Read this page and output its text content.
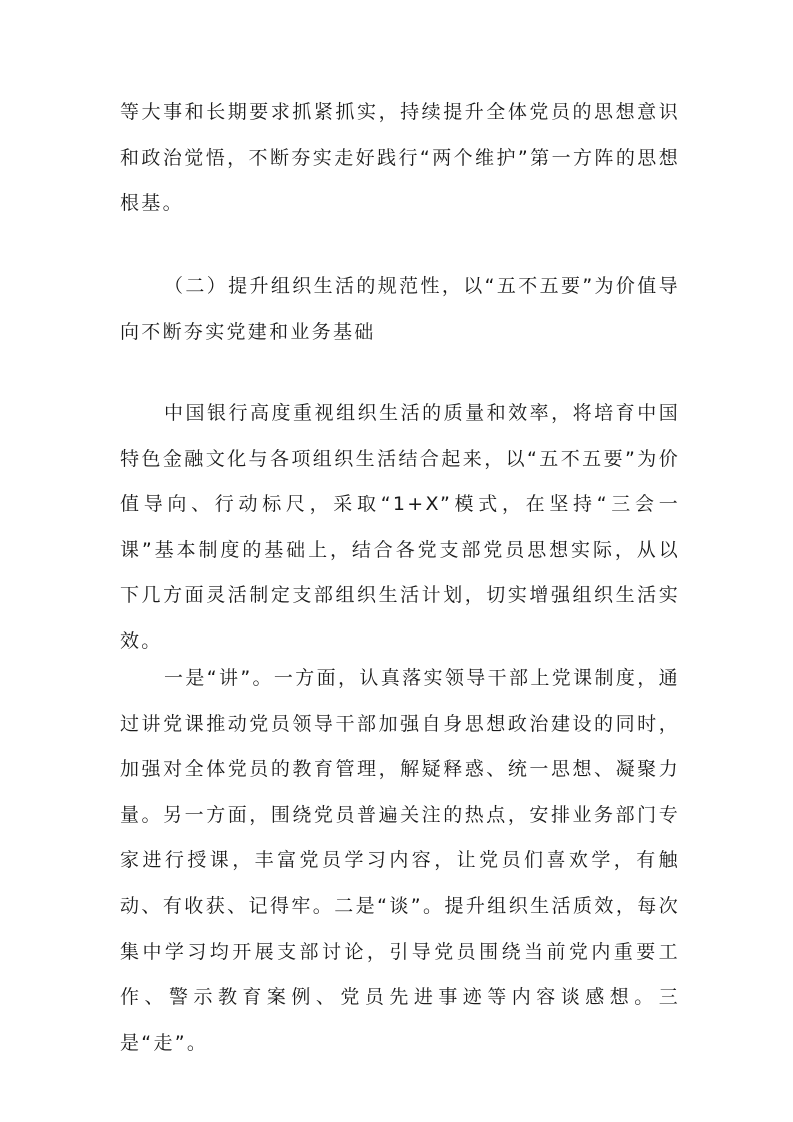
等大事和长期要求抓紧抓实，持续提升全体党员的思想意识和政治觉悟，不断夯实走好践行“两个维护”第一方阵的思想根基。

（二）提升组织生活的规范性，以“五不五要”为价值导向不断夯实党建和业务基础

中国银行高度重视组织生活的质量和效率，将培育中国特色金融文化与各项组织生活结合起来，以“五不五要”为价值导向、行动标尺，采取“1+X”模式，在坚持“三会一课”基本制度的基础上，结合各党支部党员思想实际，从以下几方面灵活制定支部组织生活计划，切实增强组织生活实效。

一是“讲”。一方面，认真落实领导干部上党课制度，通过讲党课推动党员领导干部加强自身思想政治建设的同时，加强对全体党员的教育管理，解疑释惑、统一思想、凝聚力量。另一方面，围绕党员普遍关注的热点，安排业务部门专家进行授课，丰富党员学习内容，让党员们喜欢学，有触动、有收获、记得牢。二是“谈”。提升组织生活质效，每次集中学习均开展支部讨论，引导党员围绕当前党内重要工作、警示教育案例、党员先进事迹等内容谈感想。三是“走”。
